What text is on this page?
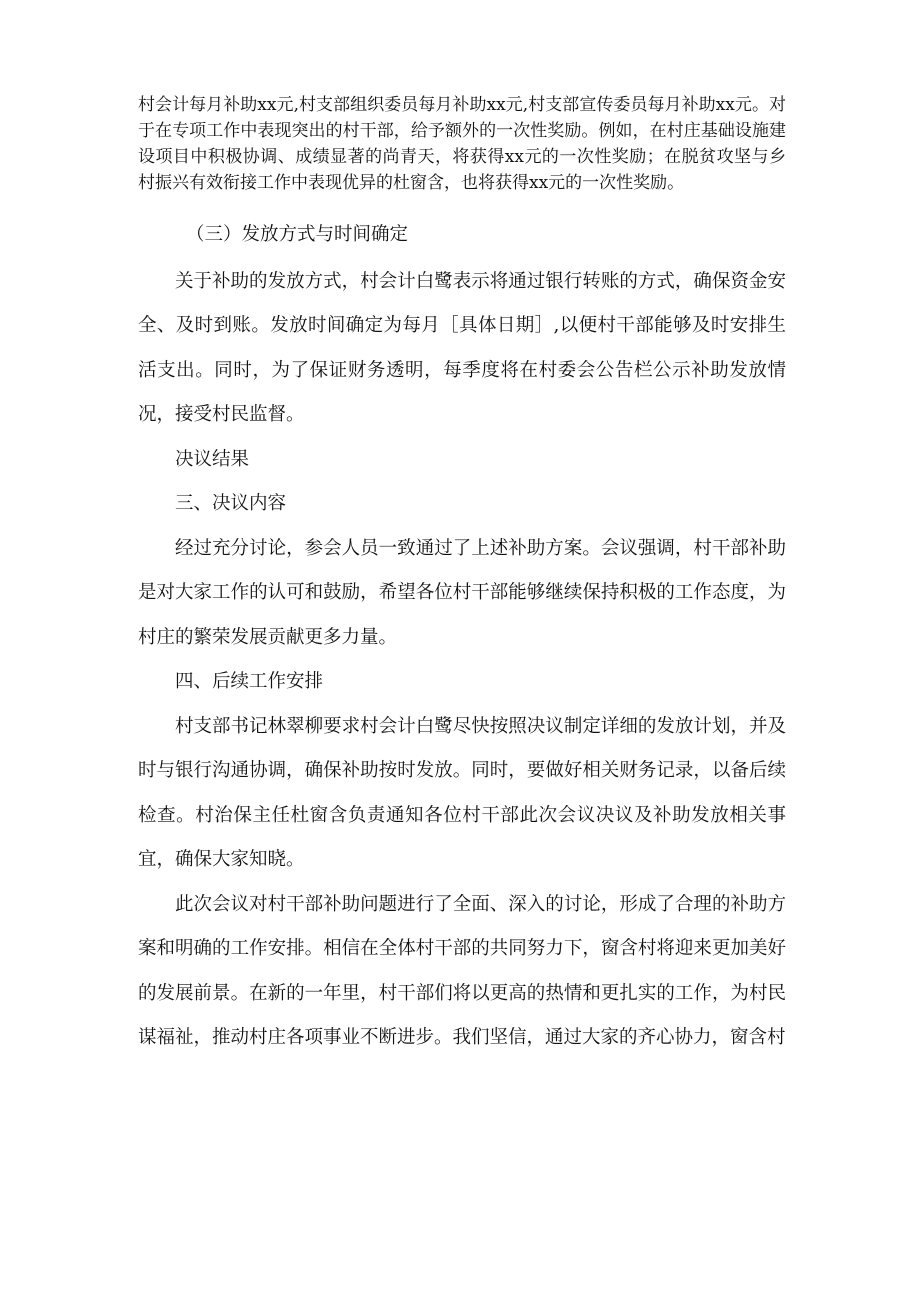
村会计每月补助xx元,村支部组织委员每月补助xx元,村支部宣传委员每月补助xx元。对于在专项工作中表现突出的村干部，给予额外的一次性奖励。例如，在村庄基础设施建设项目中积极协调、成绩显著的尚青天，将获得xx元的一次性奖励；在脱贫攻坚与乡村振兴有效衔接工作中表现优异的杜窗含，也将获得xx元的一次性奖励。

（三）发放方式与时间确定

关于补助的发放方式，村会计白鹭表示将通过银行转账的方式，确保资金安全、及时到账。发放时间确定为每月［具体日期］,以便村干部能够及时安排生活支出。同时，为了保证财务透明，每季度将在村委会公告栏公示补助发放情况，接受村民监督。

决议结果

三、决议内容

经过充分讨论，参会人员一致通过了上述补助方案。会议强调，村干部补助是对大家工作的认可和鼓励，希望各位村干部能够继续保持积极的工作态度，为村庄的繁荣发展贡献更多力量。

四、后续工作安排

村支部书记林翠柳要求村会计白鹭尽快按照决议制定详细的发放计划，并及时与银行沟通协调，确保补助按时发放。同时，要做好相关财务记录，以备后续检查。村治保主任杜窗含负责通知各位村干部此次会议决议及补助发放相关事宜，确保大家知晓。

此次会议对村干部补助问题进行了全面、深入的讨论，形成了合理的补助方案和明确的工作安排。相信在全体村干部的共同努力下，窗含村将迎来更加美好的发展前景。在新的一年里，村干部们将以更高的热情和更扎实的工作，为村民谋福祉，推动村庄各项事业不断进步。我们坚信，通过大家的齐心协力，窗含村
